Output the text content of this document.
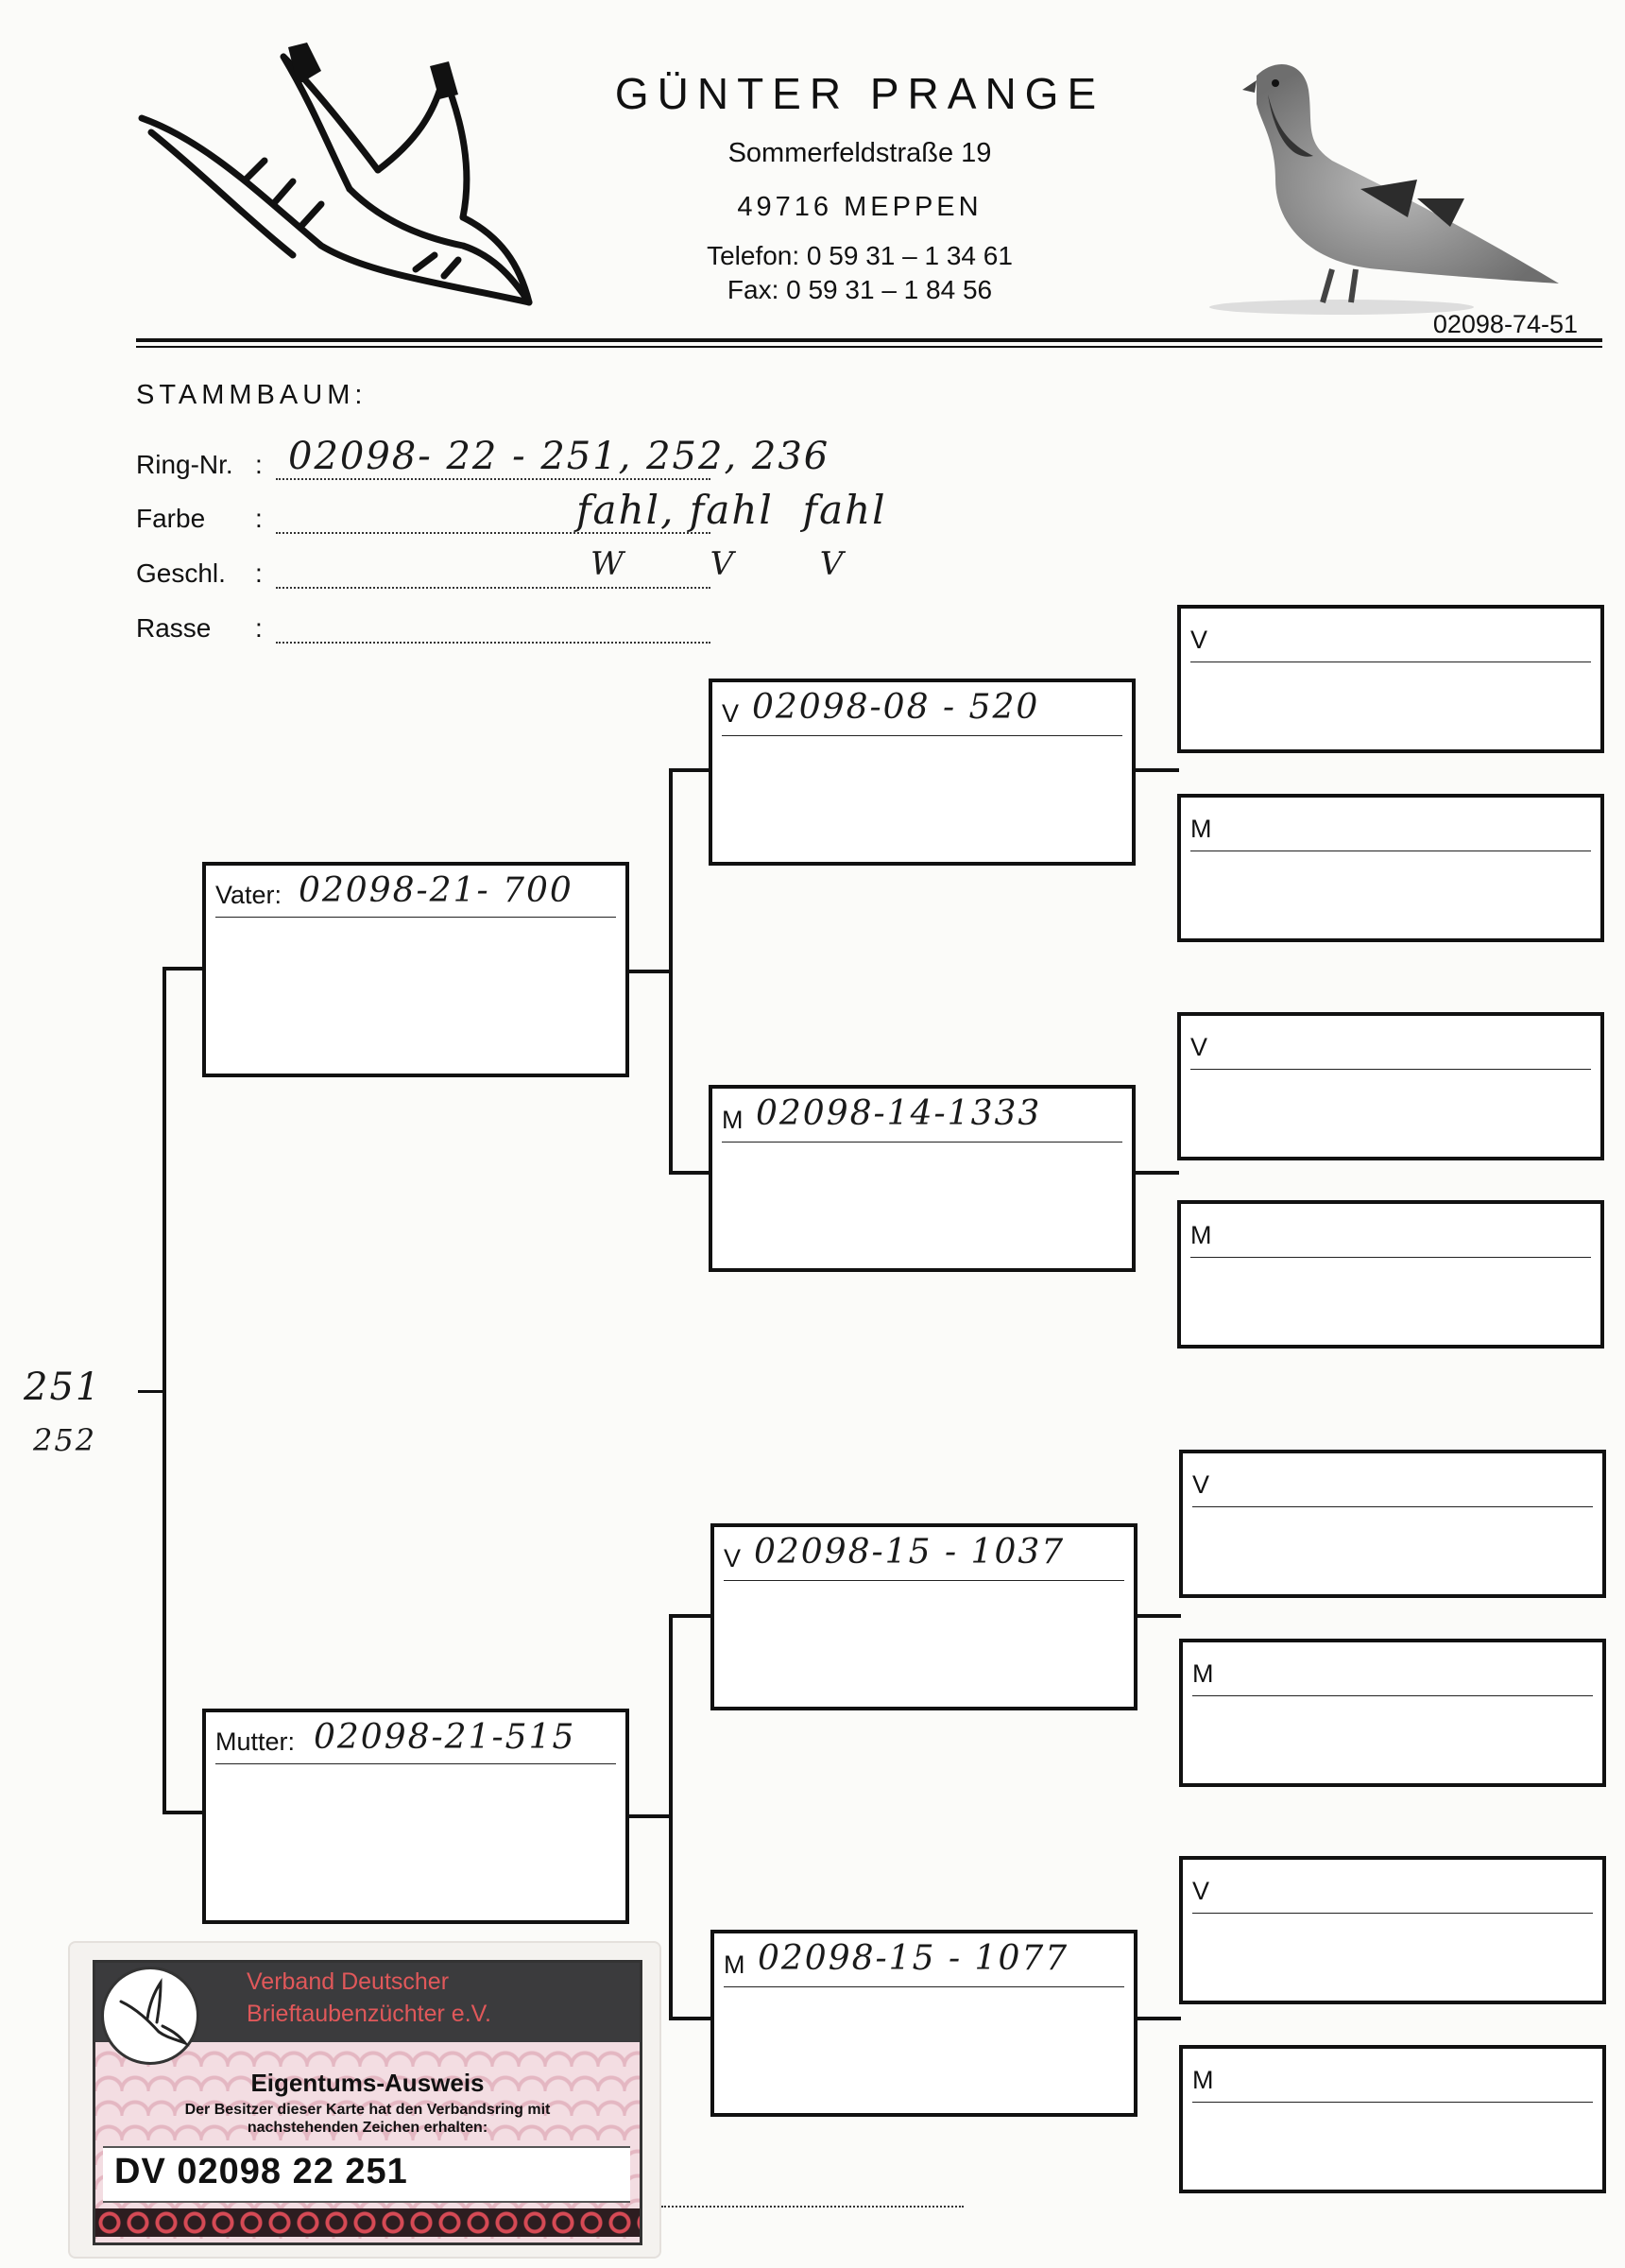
GÜNTER PRANGE
Sommerfeldstraße 19
49716 MEPPEN
Telefon: 0 59 31 – 1 34 61
Fax: 0 59 31 – 1 84 56
02098-74-51
STAMMBAUM:
Ring-Nr. : 02098- 22 - 251, 252, 236
Farbe :	fahl, fahl  fahl
Geschl. :	W       V       V
Rasse :
251
252
Vater: 02098-21- 700
Mutter: 02098-21-515
V 02098-08 - 520
M 02098-14-1333
V 02098-15 - 1037
M 02098-15 - 1077
V
M
V
M
V
M
V
M
Verband Deutscher
Brieftaubenzüchter e.V.
Eigentums-Ausweis
Der Besitzer dieser Karte hat den Verbandsring mit nachstehenden Zeichen erhalten:
DV 02098 22 251
